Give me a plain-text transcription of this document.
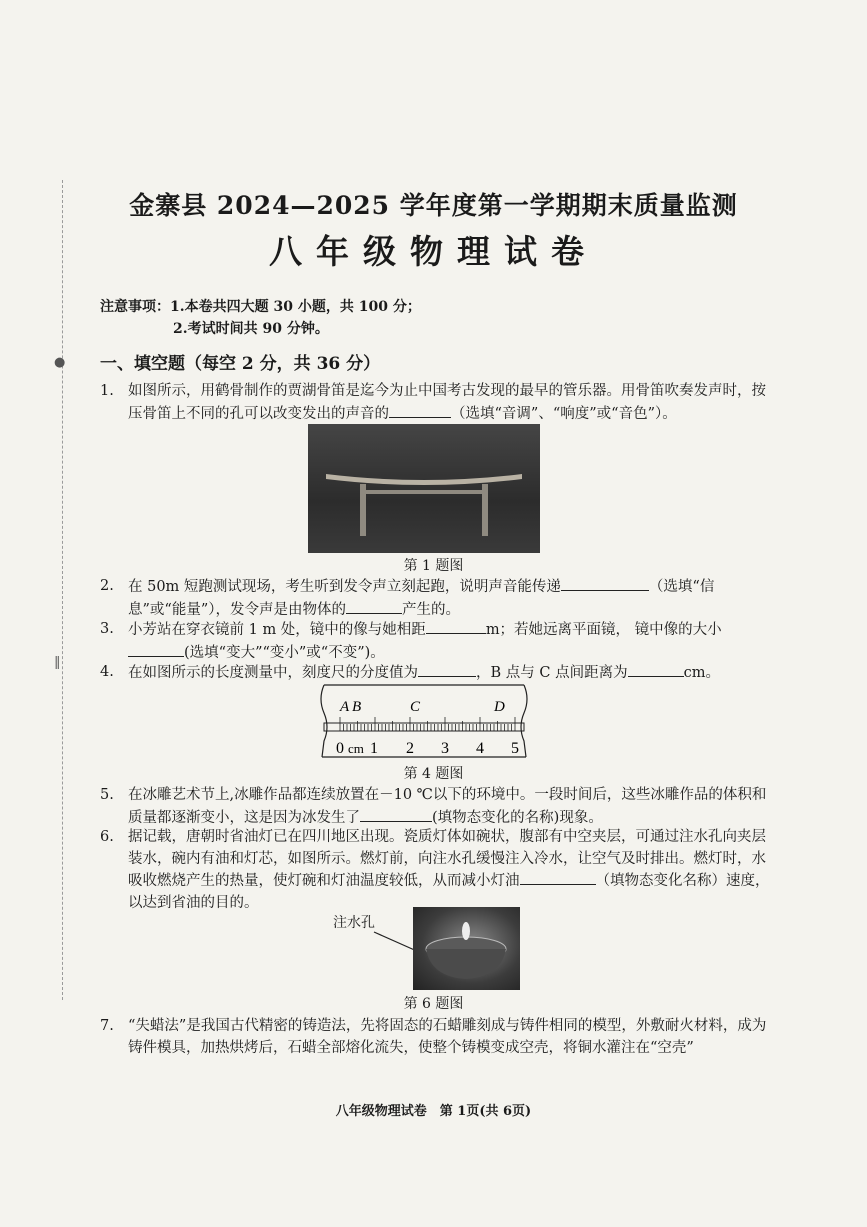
●
‖
金寨县 2024—2025 学年度第一学期期末质量监测
八年级物理试卷
注意事项：1.本卷共四大题 30 小题，共 100 分；
2.考试时间共 90 分钟。
一、填空题（每空 2 分，共 36 分）
1. 如图所示，用鹤骨制作的贾湖骨笛是迄今为止中国考古发现的最早的管乐器。用骨笛吹奏发声时，按压骨笛上不同的孔可以改变发出的声音的	（选填“音调”、“响度”或“音色”）。
第 1 题图
2. 在 50m 短跑测试现场，考生听到发令声立刻起跑，说明声音能传递	（选填“信息”或“能量”），发令声是由物体的	产生的。
3. 小芳站在穿衣镜前 1 m 处，镜中的像与她相距	m；若她远离平面镜， 镜中像的大小(选填“变大”“变小”或“不变”)。
4. 在如图所示的长度测量中，刻度尺的分度值为	，B 点与 C 点间距离为	cm。
A B	C	D
0 cm 1 2 3 4 5
第 4 题图
5. 在冰雕艺术节上,冰雕作品都连续放置在－10 ℃以下的环境中。一段时间后，这些冰雕作品的体积和质量都逐渐变小，这是因为冰发生了	(填物态变化的名称)现象。
6. 据记载，唐朝时省油灯已在四川地区出现。瓷质灯体如碗状，腹部有中空夹层，可通过注水孔向夹层装水，碗内有油和灯芯，如图所示。燃灯前，向注水孔缓慢注入冷水，让空气及时排出。燃灯时，水吸收燃烧产生的热量，使灯碗和灯油温度较低，从而减小灯油	（填物态变化名称）速度，以达到省油的目的。
注水孔
第 6 题图
7. “失蜡法”是我国古代精密的铸造法，先将固态的石蜡雕刻成与铸件相同的模型，外敷耐火材料，成为铸件模具，加热烘烤后，石蜡全部熔化流失，使整个铸模变成空壳，将铜水灌注在“空壳”
八年级物理试卷　第 1页(共 6页)
